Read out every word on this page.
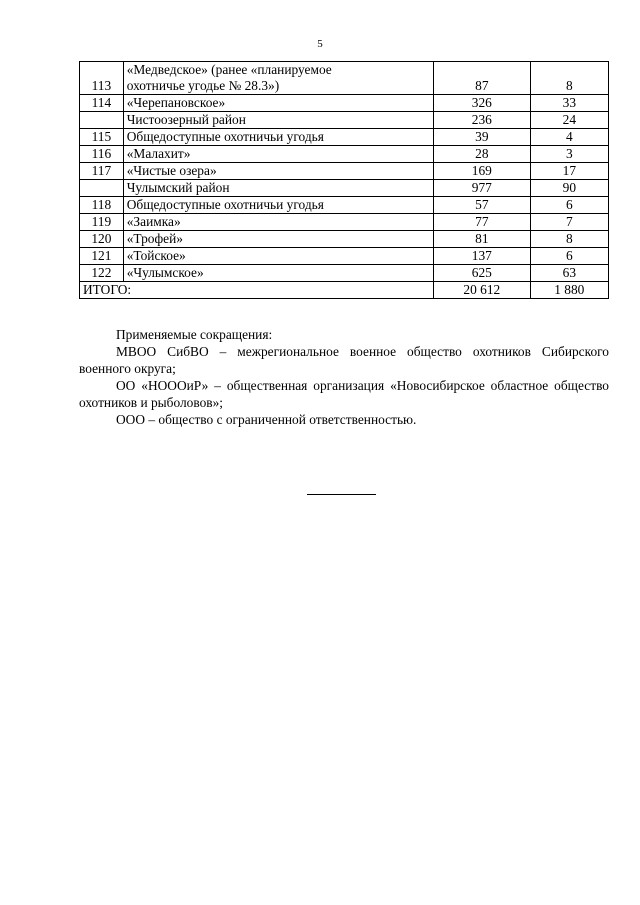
5
113	«Медведское» (ранее «планируемое
охотничье угодье № 28.3»)	87	8
114	«Черепановское»	326	33
	Чистоозерный район	236	24
115	Общедоступные охотничьи угодья	39	4
116	«Малахит»	28	3
117	«Чистые озера»	169	17
	Чулымский район	977	90
118	Общедоступные охотничьи угодья	57	6
119	«Заимка»	77	7
120	«Трофей»	81	8
121	«Тойское»	137	6
122	«Чулымское»	625	63
ИТОГО:		20 612	1 880

Применяемые сокращения:

МВОО СибВО – межрегиональное военное общество охотников Сибирского военного округа;

ОО «НОООиР» – общественная организация «Новосибирское областное общество охотников и рыболовов»;

ООО – общество с ограниченной ответственностью.
